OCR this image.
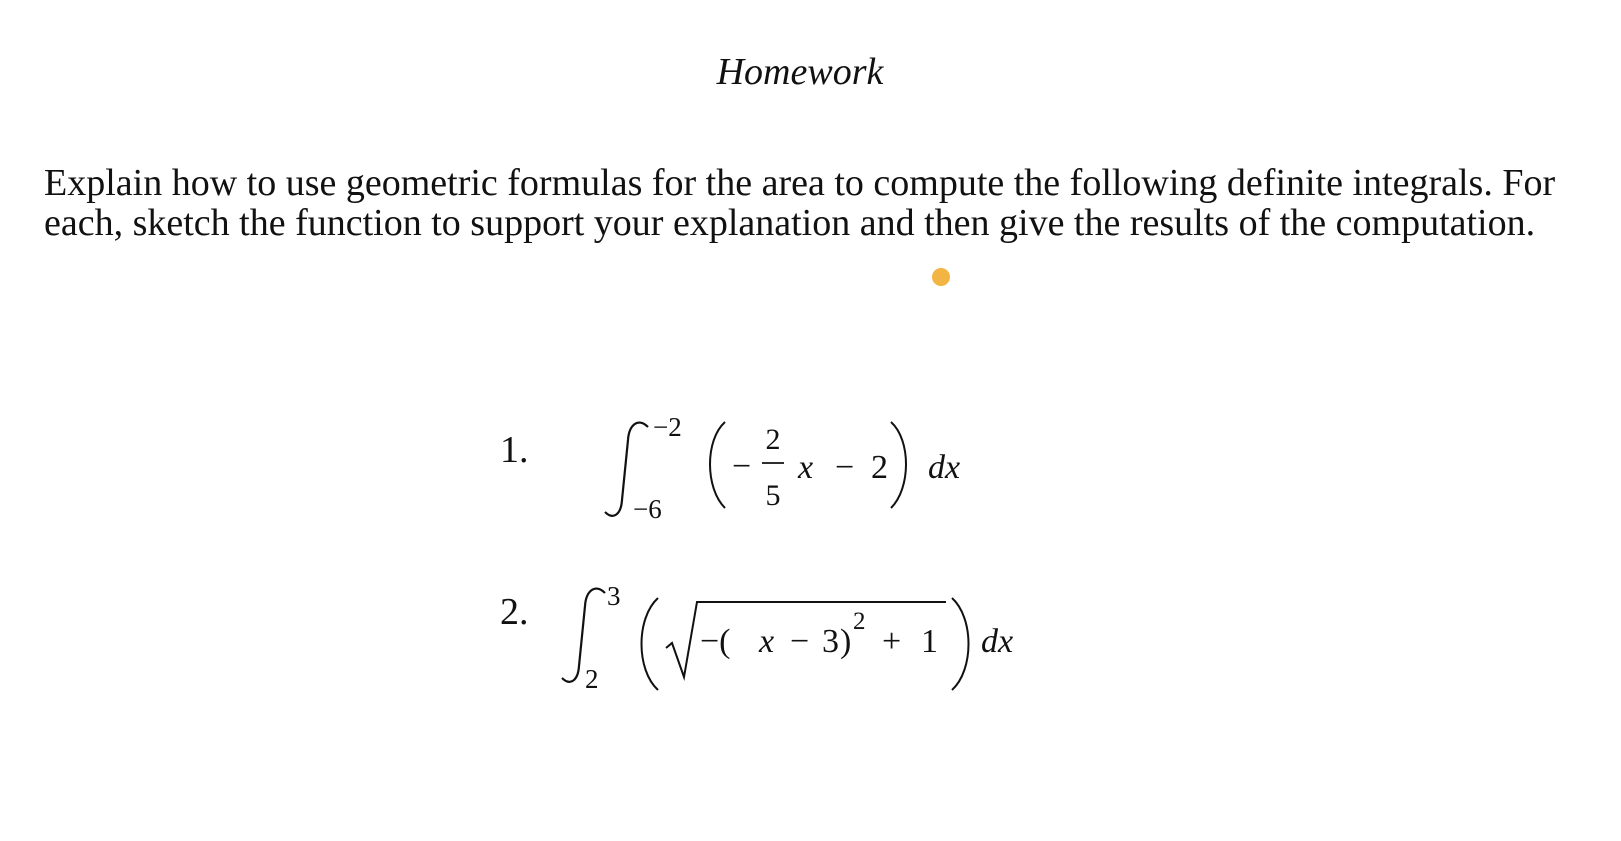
Homework
Explain how to use geometric formulas for the area to compute the following definite integrals. For each, sketch the function to support your explanation and then give the results of the computation.
1.
−2
−6
−
2
5
x − 2 dx
2.	3
2
−( x − 3 )
2
+ 1 dx
